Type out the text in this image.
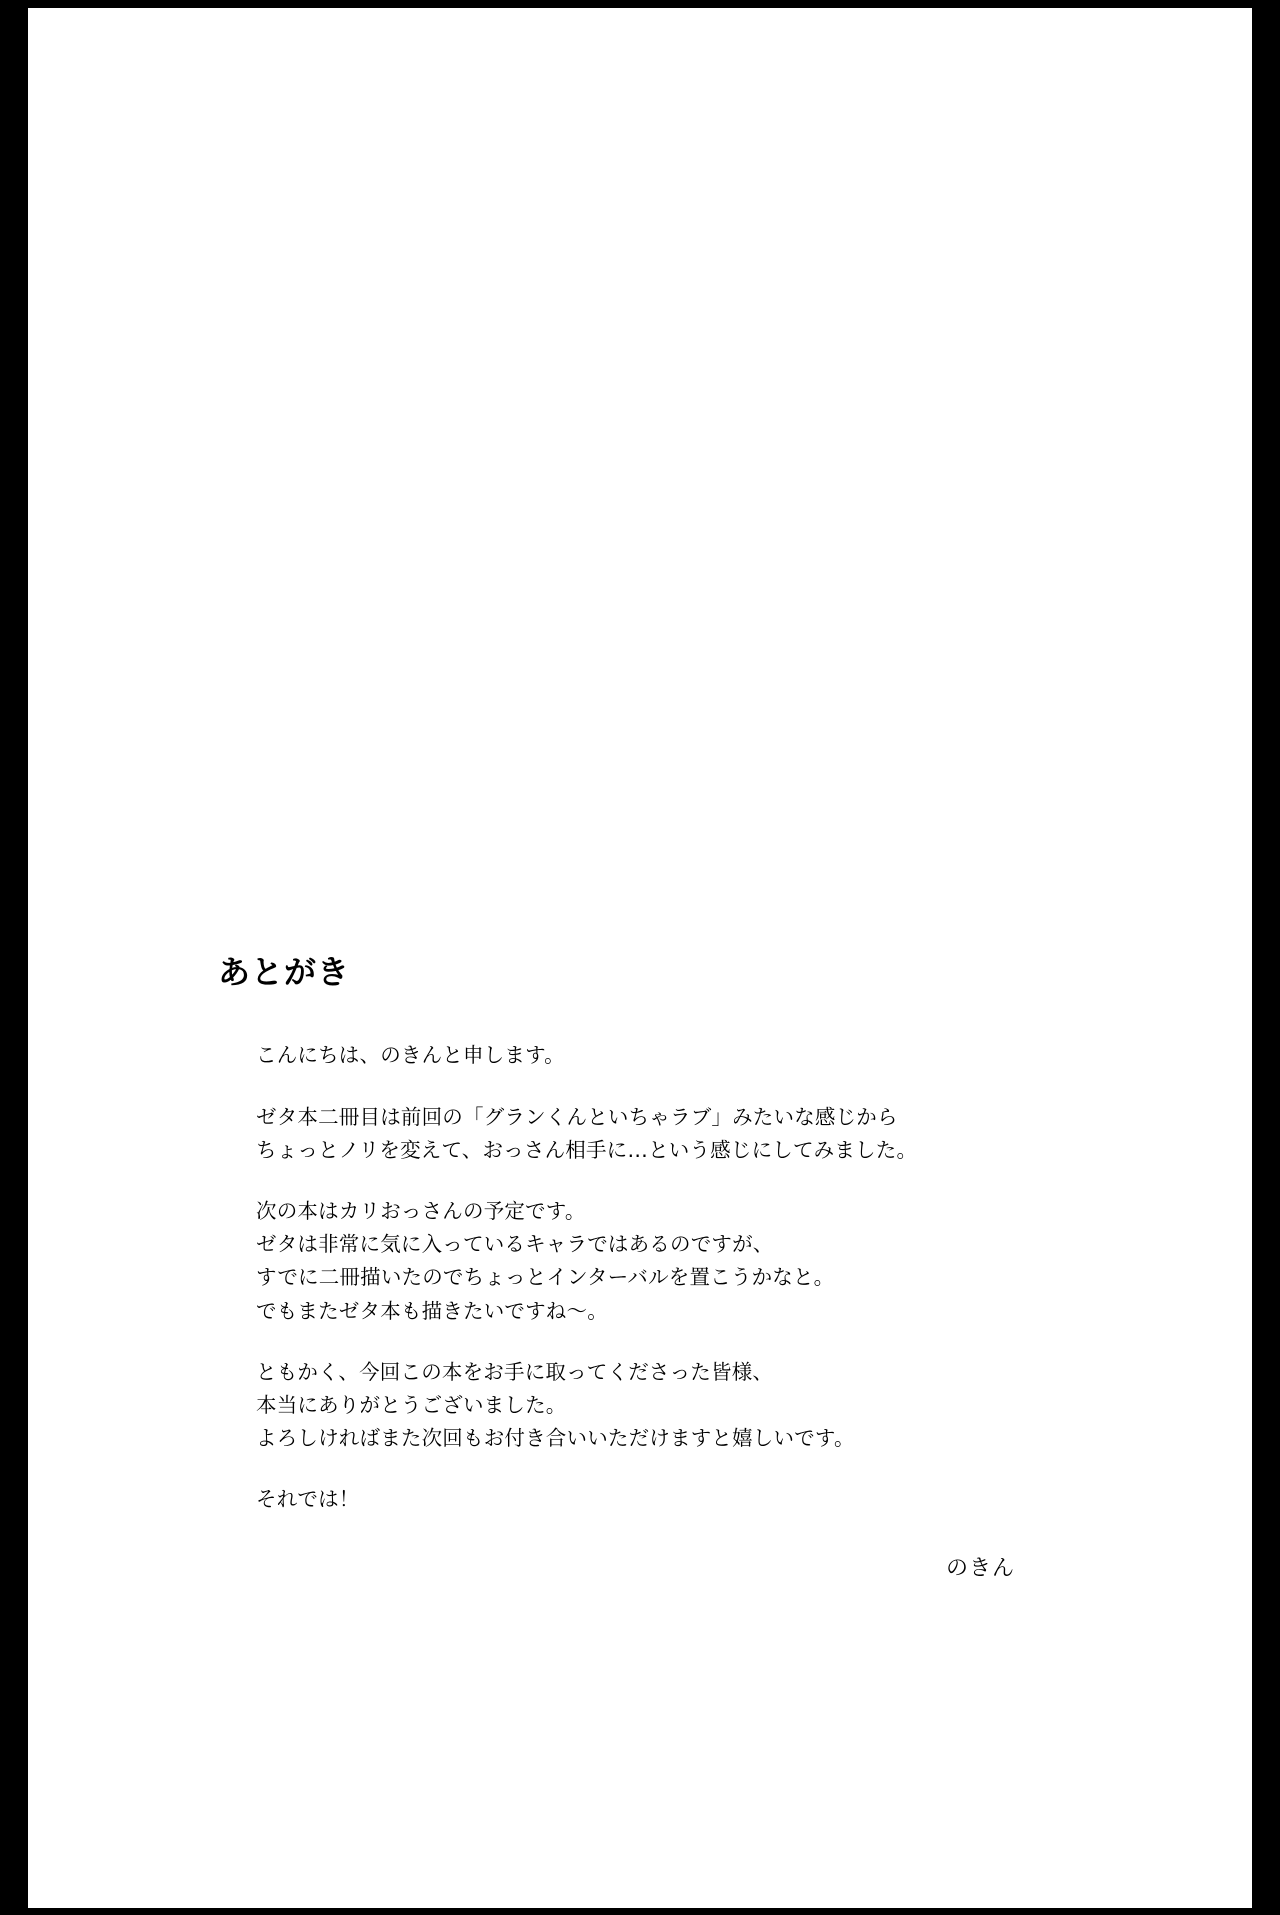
あとがき

こんにちは、のきんと申します。

ゼタ本二冊目は前回の「グランくんといちゃラブ」みたいな感じから

ちょっとノリを変えて、おっさん相手に…という感じにしてみました。

次の本はカリおっさんの予定です。

ゼタは非常に気に入っているキャラではあるのですが、

すでに二冊描いたのでちょっとインターバルを置こうかなと。

でもまたゼタ本も描きたいですね〜。

ともかく、今回この本をお手に取ってくださった皆様、

本当にありがとうございました。

よろしければまた次回もお付き合いいただけますと嬉しいです。

それでは！

のきん
